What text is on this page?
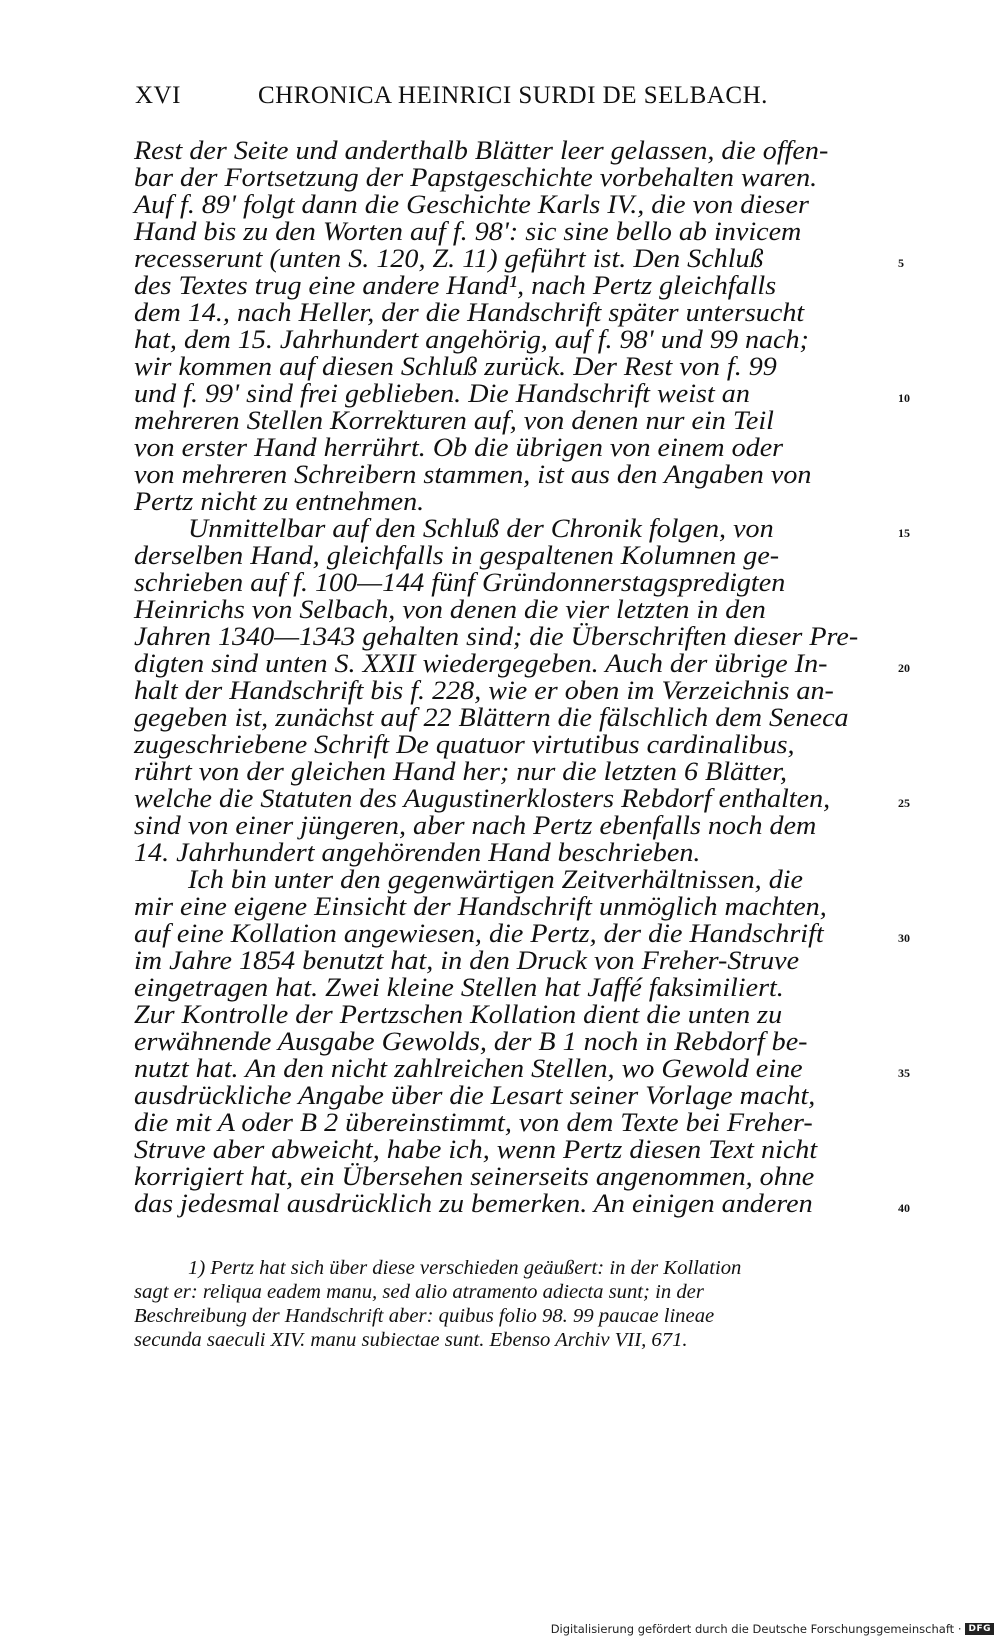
XVI	CHRONICA HEINRICI SURDI DE SELBACH.
Rest der Seite und anderthalb Blätter leer gelassen, die offen-
bar der Fortsetzung der Papstgeschichte vorbehalten waren.
Auf f. 89' folgt dann die Geschichte Karls IV., die von dieser
Hand bis zu den Worten auf f. 98': sic sine bello ab invicem
recesserunt (unten S. 120, Z. 11) geführt ist. Den Schluß
des Textes trug eine andere Hand¹, nach Pertz gleichfalls
dem 14., nach Heller, der die Handschrift später untersucht
hat, dem 15. Jahrhundert angehörig, auf f. 98' und 99 nach;
wir kommen auf diesen Schluß zurück. Der Rest von f. 99
und f. 99' sind frei geblieben. Die Handschrift weist an
mehreren Stellen Korrekturen auf, von denen nur ein Teil
von erster Hand herrührt. Ob die übrigen von einem oder
von mehreren Schreibern stammen, ist aus den Angaben von
Pertz nicht zu entnehmen.
Unmittelbar auf den Schluß der Chronik folgen, von
derselben Hand, gleichfalls in gespaltenen Kolumnen ge-
schrieben auf f. 100—144 fünf Gründonnerstagspredigten
Heinrichs von Selbach, von denen die vier letzten in den
Jahren 1340—1343 gehalten sind; die Überschriften dieser Pre-
digten sind unten S. XXII wiedergegeben. Auch der übrige In-
halt der Handschrift bis f. 228, wie er oben im Verzeichnis an-
gegeben ist, zunächst auf 22 Blättern die fälschlich dem Seneca
zugeschriebene Schrift De quatuor virtutibus cardinalibus,
rührt von der gleichen Hand her; nur die letzten 6 Blätter,
welche die Statuten des Augustinerklosters Rebdorf enthalten,
sind von einer jüngeren, aber nach Pertz ebenfalls noch dem
14. Jahrhundert angehörenden Hand beschrieben.
Ich bin unter den gegenwärtigen Zeitverhältnissen, die
mir eine eigene Einsicht der Handschrift unmöglich machten,
auf eine Kollation angewiesen, die Pertz, der die Handschrift
im Jahre 1854 benutzt hat, in den Druck von Freher-Struve
eingetragen hat. Zwei kleine Stellen hat Jaffé faksimiliert.
Zur Kontrolle der Pertzschen Kollation dient die unten zu
erwähnende Ausgabe Gewolds, der B 1 noch in Rebdorf be-
nutzt hat. An den nicht zahlreichen Stellen, wo Gewold eine
ausdrückliche Angabe über die Lesart seiner Vorlage macht,
die mit A oder B 2 übereinstimmt, von dem Texte bei Freher-
Struve aber abweicht, habe ich, wenn Pertz diesen Text nicht
korrigiert hat, ein Übersehen seinerseits angenommen, ohne
das jedesmal ausdrücklich zu bemerken. An einigen anderen
5
10
15
20
25
30
35
40
1) Pertz hat sich über diese verschieden geäußert: in der Kollation
sagt er: reliqua eadem manu, sed alio atramento adiecta sunt; in der
Beschreibung der Handschrift aber: quibus folio 98. 99 paucae lineae
secunda saeculi XIV. manu subiectae sunt. Ebenso Archiv VII, 671.
Digitalisierung gefördert durch die Deutsche Forschungsgemeinschaft · DFG
